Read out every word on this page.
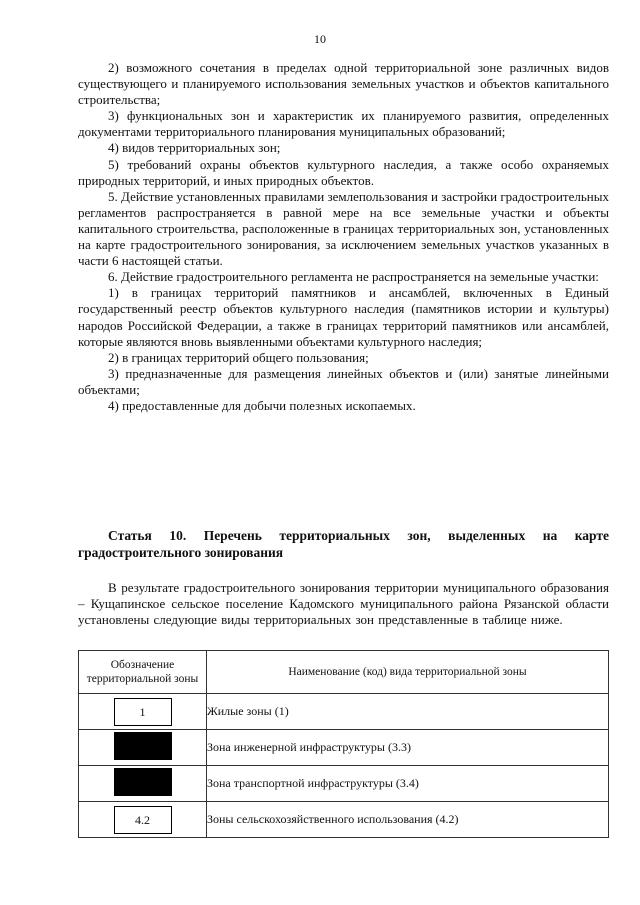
10

2) возможного сочетания в пределах одной территориальной зоне различных видов существующего и планируемого использования земельных участков и объектов капитального строительства;

3) функциональных зон и характеристик их планируемого развития, определенных документами территориального планирования муниципальных образований;

4) видов территориальных зон;

5) требований охраны объектов культурного наследия, а также особо охраняемых природных территорий, и иных природных объектов.

5. Действие установленных правилами землепользования и застройки градостроительных регламентов распространяется в равной мере на все земельные участки и объекты капитального строительства, расположенные в границах территориальных зон, установленных на карте градостроительного зонирования, за исключением земельных участков указанных в части 6 настоящей статьи.

6. Действие градостроительного регламента не распространяется на земельные участки:

1) в границах территорий памятников и ансамблей, включенных в Единый государственный реестр объектов культурного наследия (памятников истории и культуры) народов Российской Федерации, а также в границах территорий памятников или ансамблей, которые являются вновь выявленными объектами культурного наследия;

2) в границах территорий общего пользования;

3) предназначенные для размещения линейных объектов и (или) занятые линейными объектами;

4) предоставленные для добычи полезных ископаемых.

Статья 10. Перечень территориальных зон, выделенных на карте градостроительного зонирования
В результате градостроительного зонирования территории муниципального образования – Кущапинское сельское поселение Кадомского муниципального района Рязанской области установлены следующие виды территориальных зон представленные в таблице ниже.
Обозначение территориальной зоны	Наименование (код) вида территориальной зоны
1	Жилые зоны (1)
	Зона инженерной инфраструктуры (3.3)
	Зона транспортной инфраструктуры (3.4)
4.2	Зоны сельскохозяйственного использования (4.2)
